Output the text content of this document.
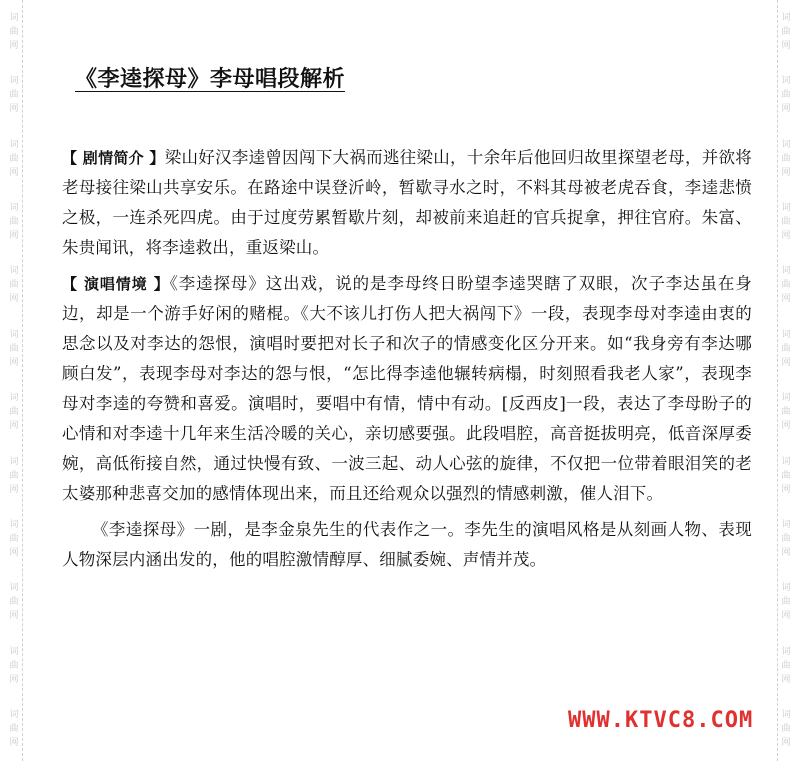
词
曲
网
词
曲
网
词
曲
网
词
曲
网
词
曲
网
词
曲
网
词
曲
网
词
曲
网
词
曲
网
词
曲
网
词
曲
网
词
曲
网
词
曲
网
词
曲
网
词
曲
网
词
曲
网
词
曲
网
词
曲
网
词
曲
网
词
曲
网
词
曲
网
词
曲
网
词
曲
网
词
曲
网
《李逵探母》李母唱段解析

【 剧情简介 】梁山好汉李逵曾因闯下大祸而逃往梁山，十余年后他回归故里探望老母，并欲将老母接往梁山共享安乐。在路途中误登沂岭，暂歇寻水之时，不料其母被老虎吞食，李逵悲愤之极，一连杀死四虎。由于过度劳累暂歇片刻，却被前来追赶的官兵捉拿，押往官府。朱富、朱贵闻讯，将李逵救出，重返梁山。

【 演唱情境 】《李逵探母》这出戏，说的是李母终日盼望李逵哭瞎了双眼，次子李达虽在身边，却是一个游手好闲的赌棍。《大不该儿打伤人把大祸闯下》一段，表现李母对李逵由衷的思念以及对李达的怨恨，演唱时要把对长子和次子的情感变化区分开来。如“我身旁有李达哪顾白发”，表现李母对李达的怨与恨，“怎比得李逵他辗转病榻，时刻照看我老人家”，表现李母对李逵的夸赞和喜爱。演唱时，要唱中有情，情中有动。[反西皮]一段，表达了李母盼子的心情和对李逵十几年来生活冷暖的关心，亲切感要强。此段唱腔，高音挺拔明亮，低音深厚委婉，高低衔接自然，通过快慢有致、一波三起、动人心弦的旋律，不仅把一位带着眼泪笑的老太婆那种悲喜交加的感情体现出来，而且还给观众以强烈的情感刺激，催人泪下。

《李逵探母》一剧，是李金泉先生的代表作之一。李先生的演唱风格是从刻画人物、表现人物深层内涵出发的，他的唱腔激情醇厚、细腻委婉、声情并茂。

WWW.KTVC8.COM
